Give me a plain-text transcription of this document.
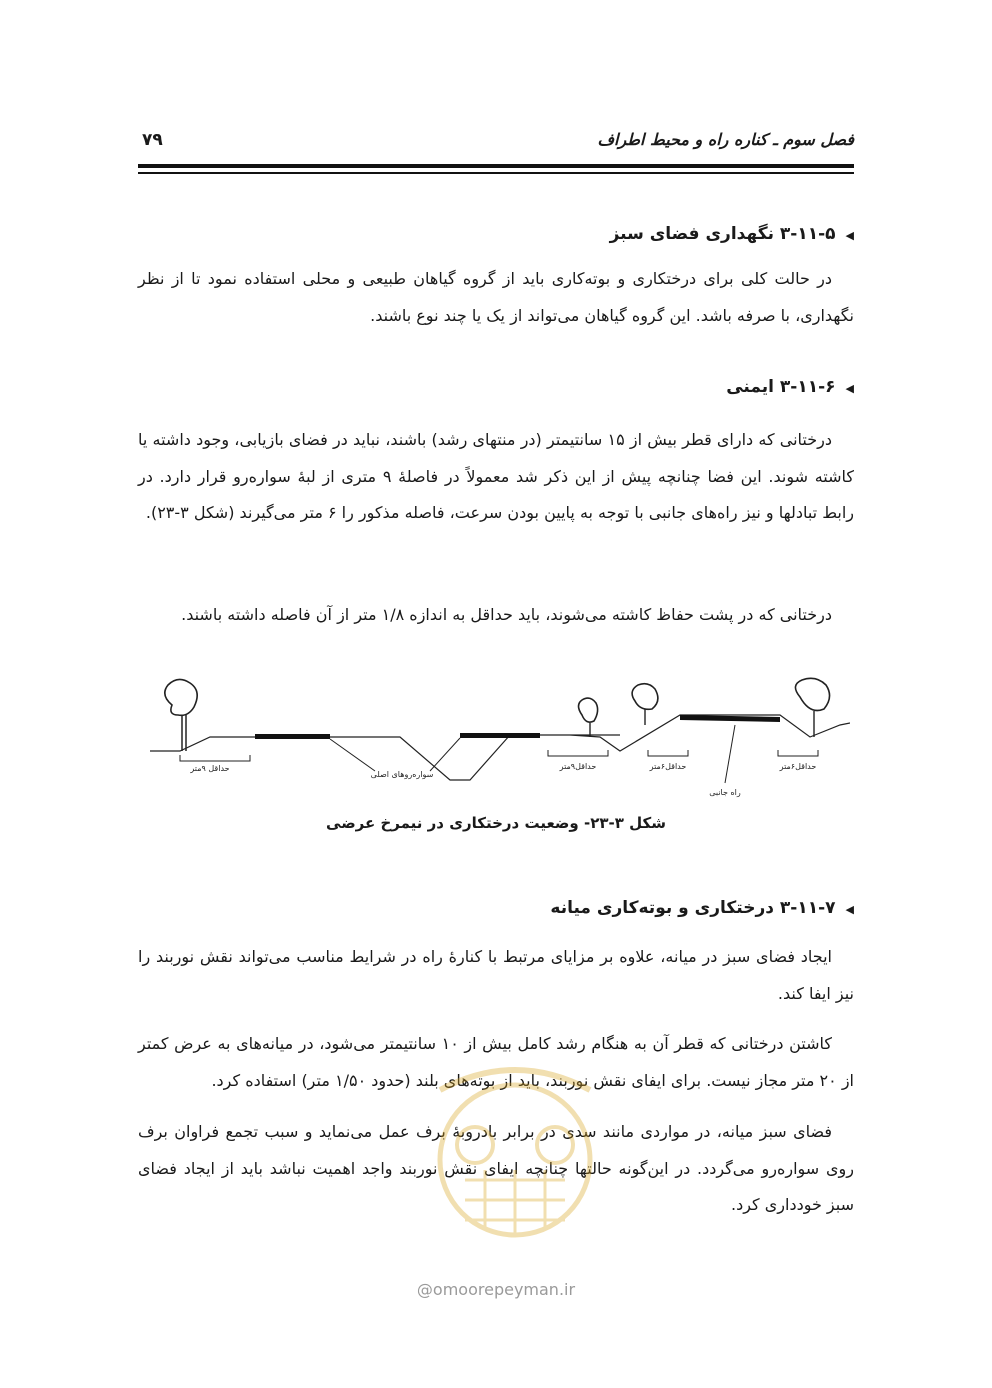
فصل سوم ـ کناره راه و محیط اطراف
۷۹
◀۳-۱۱-۵ نگهداری فضای سبز
در حالت کلی برای درختکاری و بوته‌کاری باید از گروه گیاهان طبیعی و محلی استفاده نمود تا از نظر نگهداری، با صرفه باشد. این گروه گیاهان می‌تواند از یک یا چند نوع باشند.
◀۳-۱۱-۶ ایمنی
درختانی که دارای قطر بیش از ۱۵ سانتیمتر (در منتهای رشد) باشند، نباید در فضای بازیابی، وجود داشته یا کاشته شوند. این فضا چنانچه پیش از این ذکر شد معمولاً در فاصلهٔ ۹ متری از لبهٔ سواره‌رو قرار دارد. در رابط تبادلها و نیز راه‌های جانبی با توجه به پایین بودن سرعت، فاصله مذکور را ۶ متر می‌گیرند (شکل ۳-۲۳).
درختانی که در پشت حفاظ کاشته می‌شوند، باید حداقل به اندازه ۱/۸ متر از آن فاصله داشته باشند.
حداقل ۹متر
سواره‌روهای اصلی
حداقل۹متر	حداقل۶متر
راه جانبی
حداقل۶متر
شکل ۳-۲۳- وضعیت درختکاری در نیمرخ عرضی
◀۳-۱۱-۷ درختکاری و بوته‌کاری میانه
ایجاد فضای سبز در میانه، علاوه بر مزایای مرتبط با کنارهٔ راه در شرایط مناسب می‌تواند نقش نوربند را نیز ایفا کند.
کاشتن درختانی که قطر آن به هنگام رشد کامل بیش از ۱۰ سانتیمتر می‌شود، در میانه‌های به عرض کمتر از ۲۰ متر مجاز نیست. برای ایفای نقش نوربند، باید از بوته‌های بلند (حدود ۱/۵۰ متر) استفاده کرد.
فضای سبز میانه، در مواردی مانند سدی در برابر بادروبهٔ برف عمل می‌نماید و سبب تجمع فراوان برف روی سواره‌رو می‌گردد. در این‌گونه حالتها چنانچه ایفای نقش نوربند واجد اهمیت نباشد باید از ایجاد فضای سبز خودداری کرد.
@omoorepeyman.ir
